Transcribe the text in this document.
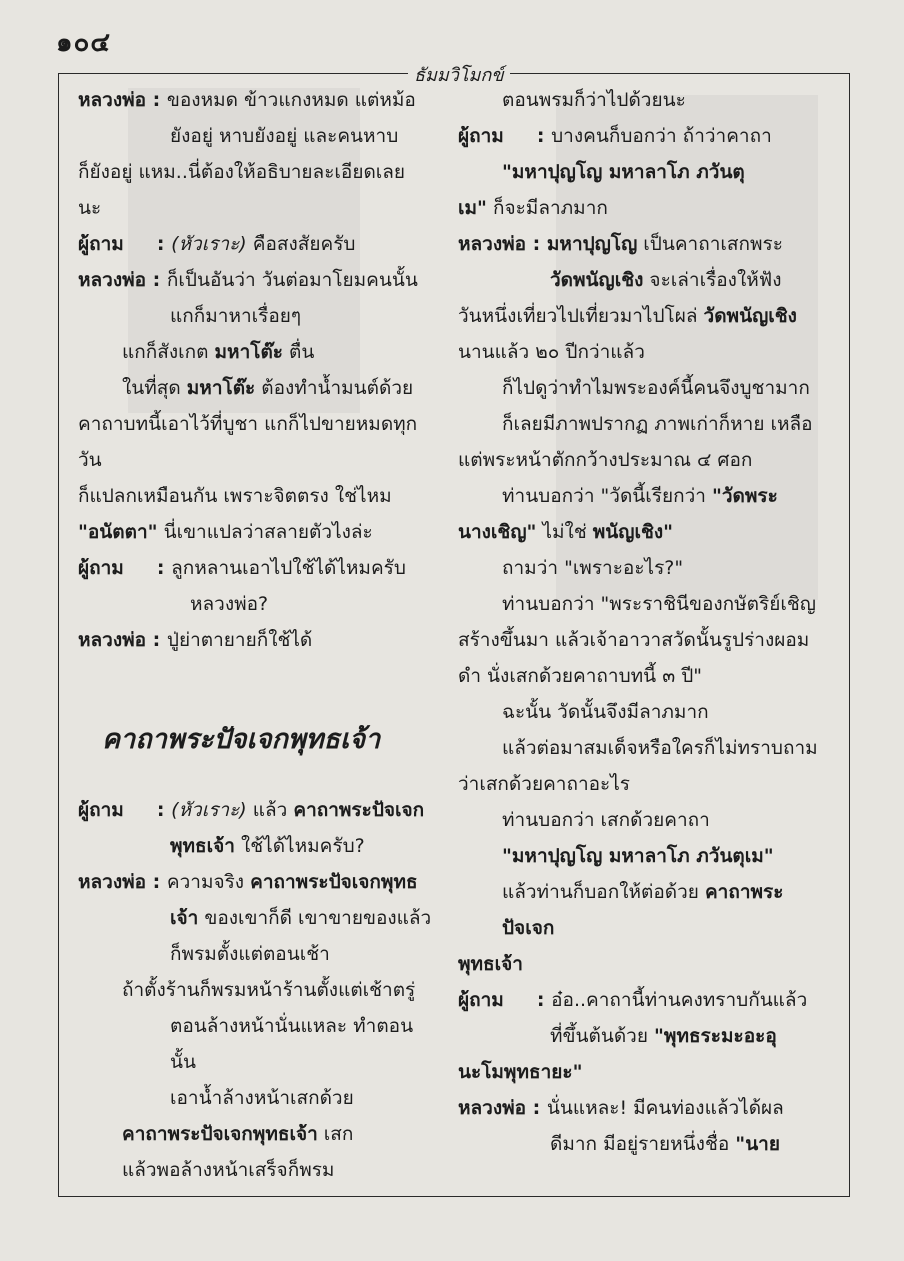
๑๐๔
ธัมมวิโมกข์

หลวงพ่อ : ของหมด ข้าวแกงหมด แต่หม้อ

ยังอยู่ หาบยังอยู่ และคนหาบ

ก็ยังอยู่ แหม..นี่ต้องให้อธิบายละเอียดเลย

นะ

ผู้ถาม     : (หัวเราะ) คือสงสัยครับ

หลวงพ่อ : ก็เป็นอันว่า วันต่อมาโยมคนนั้น

แกก็มาหาเรื่อยๆ

แกก็สังเกต มหาโต๊ะ ตื่น

ในที่สุด มหาโต๊ะ ต้องทำน้ำมนต์ด้วย

คาถาบทนี้เอาไว้ที่บูชา แกก็ไปขายหมดทุกวัน

ก็แปลกเหมือนกัน เพราะจิตตรง ใช่ไหม

"อนัตตา" นี่เขาแปลว่าสลายตัวไงล่ะ

ผู้ถาม     : ลูกหลานเอาไปใช้ได้ไหมครับ

หลวงพ่อ?

หลวงพ่อ : ปู่ย่าตายายก็ใช้ได้

คาถาพระปัจเจกพุทธเจ้า

ผู้ถาม     : (หัวเราะ) แล้ว คาถาพระปัจเจก

พุทธเจ้า ใช้ได้ไหมครับ?

หลวงพ่อ : ความจริง คาถาพระปัจเจกพุทธ

เจ้า ของเขาก็ดี เขาขายของแล้ว

ก็พรมตั้งแต่ตอนเช้า

ถ้าตั้งร้านก็พรมหน้าร้านตั้งแต่เช้าตรู่

ตอนล้างหน้านั่นแหละ ทำตอนนั้น

เอาน้ำล้างหน้าเสกด้วย

คาถาพระปัจเจกพุทธเจ้า เสก

แล้วพอล้างหน้าเสร็จก็พรม

ตอนพรมก็ว่าไปด้วยนะ

ผู้ถาม     : บางคนก็บอกว่า ถ้าว่าคาถา

"มหาปุญโญ มหาลาโภ ภวันตุ

เม" ก็จะมีลาภมาก

หลวงพ่อ : มหาปุญโญ เป็นคาถาเสกพระ

วัดพนัญเชิง จะเล่าเรื่องให้ฟัง

วันหนึ่งเที่ยวไปเที่ยวมาไปโผล่ วัดพนัญเชิง

นานแล้ว ๒๐ ปีกว่าแล้ว

ก็ไปดูว่าทำไมพระองค์นี้คนจึงบูชามาก

ก็เลยมีภาพปรากฏ ภาพเก่าก็หาย เหลือ

แต่พระหน้าตักกว้างประมาณ ๔ ศอก

ท่านบอกว่า "วัดนี้เรียกว่า "วัดพระ

นางเชิญ" ไม่ใช่ พนัญเชิง"

ถามว่า "เพราะอะไร?"

ท่านบอกว่า "พระราชินีของกษัตริย์เชิญ

สร้างขึ้นมา แล้วเจ้าอาวาสวัดนั้นรูปร่างผอม

ดำ นั่งเสกด้วยคาถาบทนี้ ๓ ปี"

ฉะนั้น วัดนั้นจึงมีลาภมาก

แล้วต่อมาสมเด็จหรือใครก็ไม่ทราบถาม

ว่าเสกด้วยคาถาอะไร

ท่านบอกว่า เสกด้วยคาถา

"มหาปุญโญ มหาลาโภ ภวันตุเม"

แล้วท่านก็บอกให้ต่อด้วย คาถาพระปัจเจก

พุทธเจ้า

ผู้ถาม     : อ๋อ..คาถานี้ท่านคงทราบกันแล้ว

ที่ขึ้นต้นด้วย "พุทธระมะอะอุ

นะโมพุทธายะ"

หลวงพ่อ : นั่นแหละ! มีคนท่องแล้วได้ผล

ดีมาก มีอยู่รายหนึ่งชื่อ "นาย
